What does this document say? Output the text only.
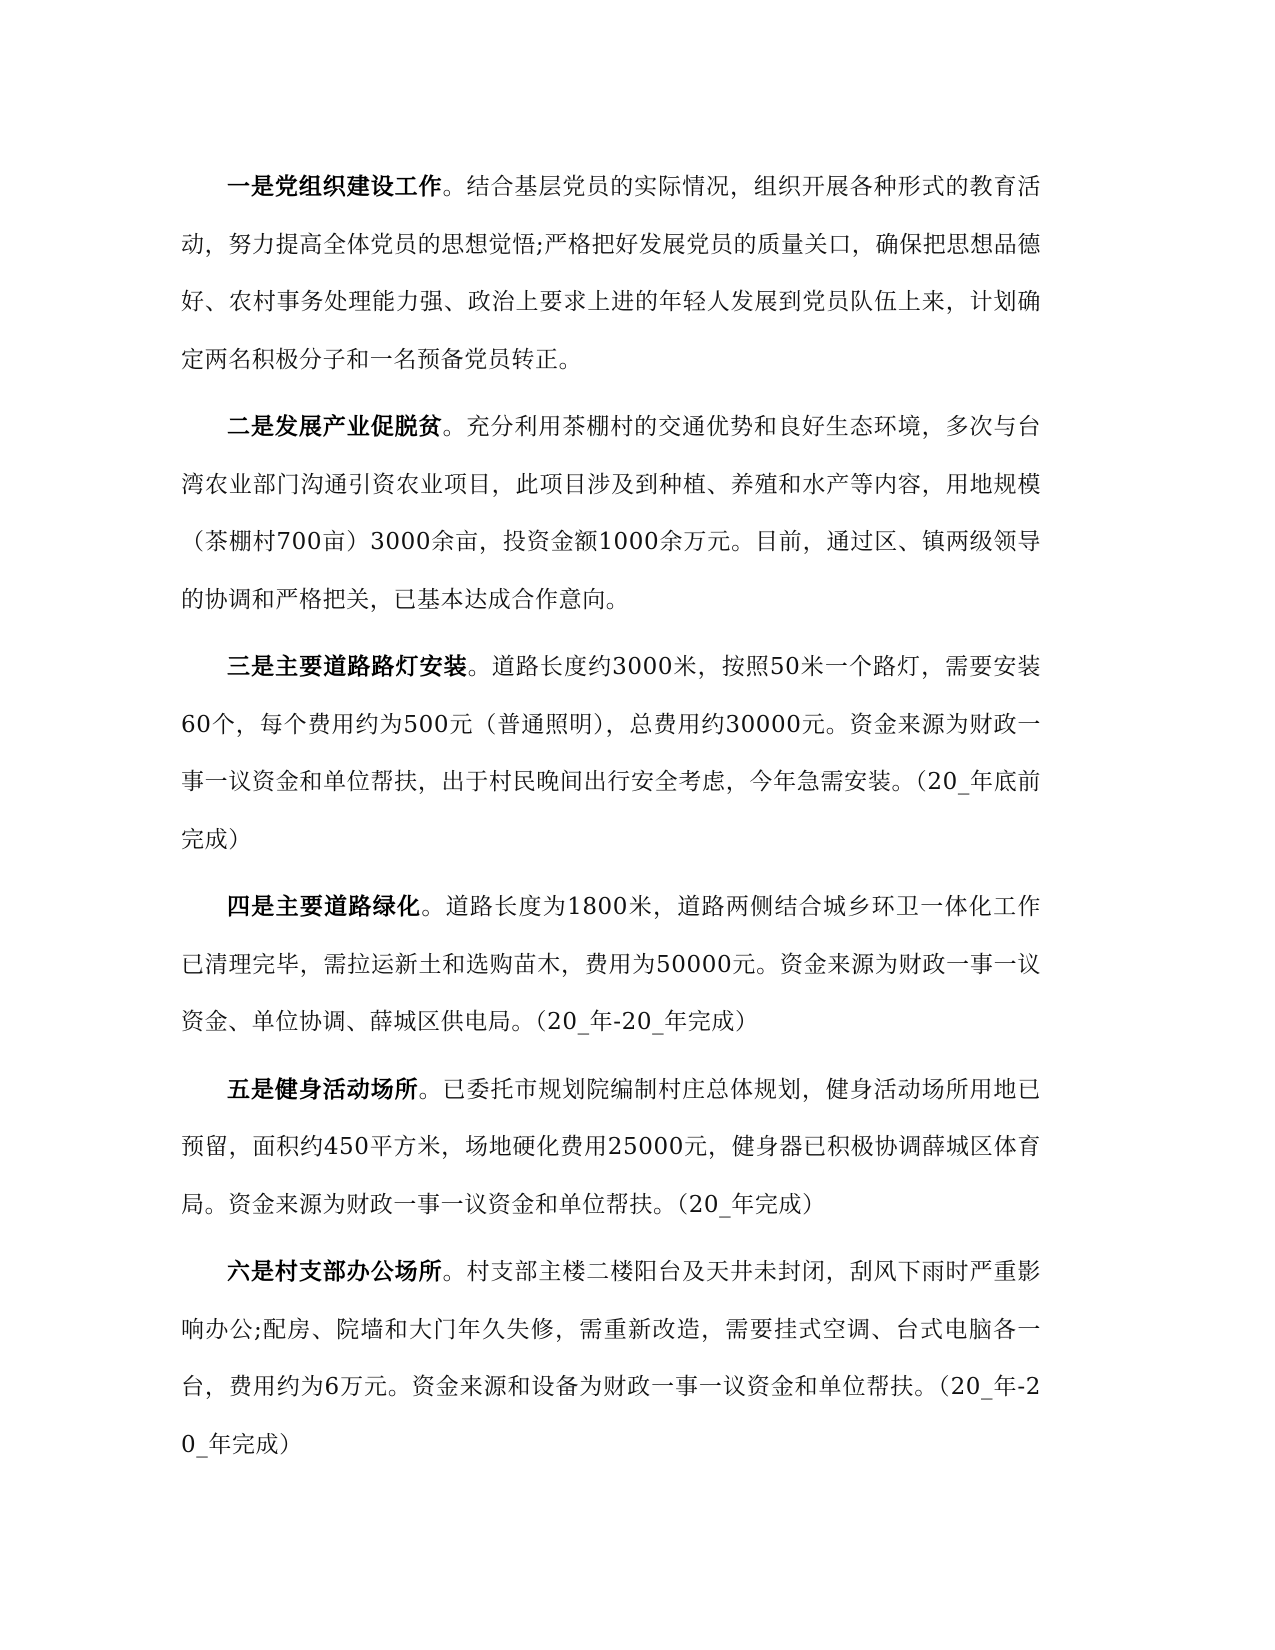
一是党组织建设工作。结合基层党员的实际情况，组织开展各种形式的教育活动，努力提高全体党员的思想觉悟;严格把好发展党员的质量关口，确保把思想品德好、农村事务处理能力强、政治上要求上进的年轻人发展到党员队伍上来，计划确定两名积极分子和一名预备党员转正。

二是发展产业促脱贫。充分利用茶棚村的交通优势和良好生态环境，多次与台湾农业部门沟通引资农业项目，此项目涉及到种植、养殖和水产等内容，用地规模（茶棚村700亩）3000余亩，投资金额1000余万元。目前，通过区、镇两级领导的协调和严格把关，已基本达成合作意向。

三是主要道路路灯安装。道路长度约3000米，按照50米一个路灯，需要安装60个，每个费用约为500元（普通照明），总费用约30000元。资金来源为财政一事一议资金和单位帮扶，出于村民晚间出行安全考虑，今年急需安装。（20_年底前完成）

四是主要道路绿化。道路长度为1800米，道路两侧结合城乡环卫一体化工作已清理完毕，需拉运新土和选购苗木，费用为50000元。资金来源为财政一事一议资金、单位协调、薛城区供电局。（20_年-20_年完成）

五是健身活动场所。已委托市规划院编制村庄总体规划，健身活动场所用地已预留，面积约450平方米，场地硬化费用25000元，健身器已积极协调薛城区体育局。资金来源为财政一事一议资金和单位帮扶。（20_年完成）

六是村支部办公场所。村支部主楼二楼阳台及天井未封闭，刮风下雨时严重影响办公;配房、院墙和大门年久失修，需重新改造，需要挂式空调、台式电脑各一台，费用约为6万元。资金来源和设备为财政一事一议资金和单位帮扶。（20_年-20_年完成）
